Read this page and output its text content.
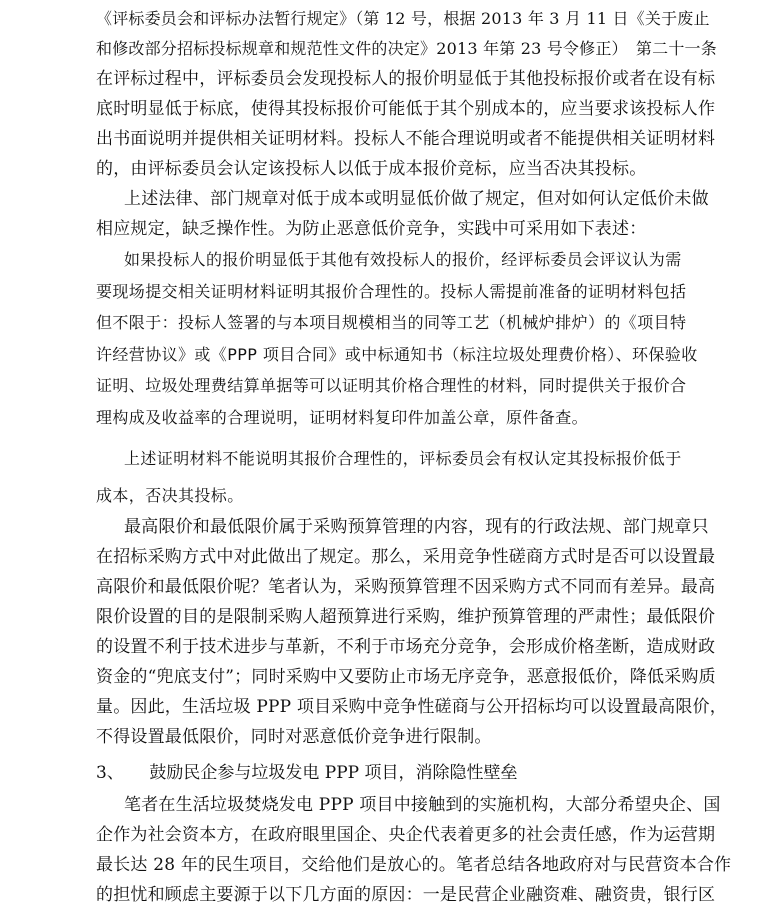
《评标委员会和评标办法暂行规定》（第 12 号，根据 2013 年 3 月 11 日《关于废止
和修改部分招标投标规章和规范性文件的决定》2013 年第 23 号令修正）　第二十一条
在评标过程中，评标委员会发现投标人的报价明显低于其他投标报价或者在设有标
底时明显低于标底，使得其投标报价可能低于其个别成本的，应当要求该投标人作
出书面说明并提供相关证明材料。投标人不能合理说明或者不能提供相关证明材料
的，由评标委员会认定该投标人以低于成本报价竞标，应当否决其投标。
上述法律、部门规章对低于成本或明显低价做了规定，但对如何认定低价未做
相应规定，缺乏操作性。为防止恶意低价竞争，实践中可采用如下表述：
如果投标人的报价明显低于其他有效投标人的报价，经评标委员会评议认为需
要现场提交相关证明材料证明其报价合理性的。投标人需提前准备的证明材料包括
但不限于：投标人签署的与本项目规模相当的同等工艺（机械炉排炉）的《项目特
许经营协议》或《PPP 项目合同》或中标通知书（标注垃圾处理费价格）、环保验收
证明、垃圾处理费结算单据等可以证明其价格合理性的材料，同时提供关于报价合
理构成及收益率的合理说明，证明材料复印件加盖公章，原件备查。
上述证明材料不能说明其报价合理性的，评标委员会有权认定其投标报价低于
成本，否决其投标。
最高限价和最低限价属于采购预算管理的内容，现有的行政法规、部门规章只
在招标采购方式中对此做出了规定。那么，采用竞争性磋商方式时是否可以设置最
高限价和最低限价呢？笔者认为，采购预算管理不因采购方式不同而有差异。最高
限价设置的目的是限制采购人超预算进行采购，维护预算管理的严肃性；最低限价
的设置不利于技术进步与革新，不利于市场充分竞争，会形成价格垄断，造成财政
资金的“兜底支付”；同时采购中又要防止市场无序竞争，恶意报低价，降低采购质
量。因此，生活垃圾 PPP 项目采购中竞争性磋商与公开招标均可以设置最高限价，
不得设置最低限价，同时对恶意低价竞争进行限制。
3、 鼓励民企参与垃圾发电 PPP 项目，消除隐性壁垒
笔者在生活垃圾焚烧发电 PPP 项目中接触到的实施机构，大部分希望央企、国
企作为社会资本方，在政府眼里国企、央企代表着更多的社会责任感，作为运营期
最长达 28 年的民生项目，交给他们是放心的。笔者总结各地政府对与民营资本合作
的担忧和顾虑主要源于以下几方面的原因：一是民营企业融资难、融资贵，银行区
